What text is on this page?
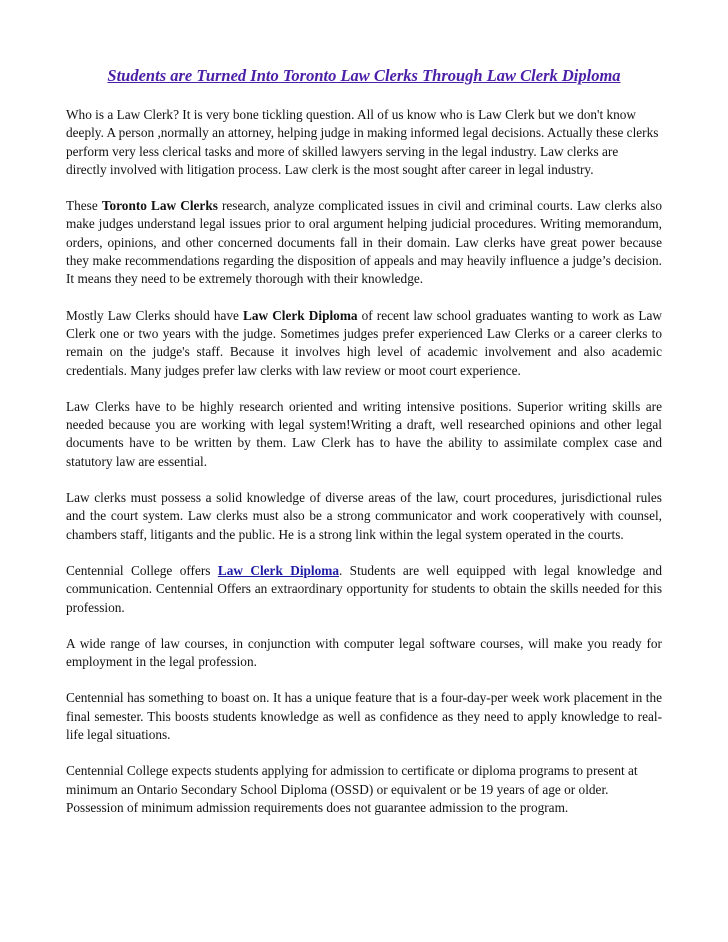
Students are Turned Into Toronto Law Clerks Through Law Clerk Diploma

Who is a Law Clerk? It is very bone tickling question. All of us know who is Law Clerk but we don't know deeply. A person ,normally an attorney, helping judge in making informed legal decisions. Actually these clerks perform very less clerical tasks and more of skilled lawyers serving in the legal industry. Law clerks are directly involved with litigation process. Law clerk is the most sought after career in legal industry.

These Toronto Law Clerks research, analyze complicated issues in civil and criminal courts. Law clerks also make judges understand legal issues prior to oral argument helping judicial procedures. Writing memorandum, orders, opinions, and other concerned documents fall in their domain. Law clerks have great power because they make recommendations regarding the disposition of appeals and may heavily influence a judge’s decision. It means they need to be extremely thorough with their knowledge.

Mostly Law Clerks should have Law Clerk Diploma of recent law school graduates wanting to work as Law Clerk one or two years with the judge. Sometimes judges prefer experienced Law Clerks or a career clerks to remain on the judge's staff. Because it involves high level of academic involvement and also academic credentials. Many judges prefer law clerks with law review or moot court experience.

Law Clerks have to be highly research oriented and writing intensive positions. Superior writing skills are needed because you are working with legal system!Writing a draft, well researched opinions and other legal documents have to be written by them. Law Clerk has to have the ability to assimilate complex case and statutory law are essential.

Law clerks must possess a solid knowledge of diverse areas of the law, court procedures, jurisdictional rules and the court system. Law clerks must also be a strong communicator and work cooperatively with counsel, chambers staff, litigants and the public. He is a strong link within the legal system operated in the courts.

Centennial College offers Law Clerk Diploma. Students are well equipped with legal knowledge and communication. Centennial Offers an extraordinary opportunity for students to obtain the skills needed for this profession.

A wide range of law courses, in conjunction with computer legal software courses, will make you ready for employment in the legal profession.

Centennial has something to boast on. It has a unique feature that is a four-day-per week work placement in the final semester. This boosts students knowledge as well as confidence as they need to apply knowledge to real-life legal situations.

Centennial College expects students applying for admission to certificate or diploma programs to present at minimum an Ontario Secondary School Diploma (OSSD) or equivalent or be 19 years of age or older. Possession of minimum admission requirements does not guarantee admission to the program.
